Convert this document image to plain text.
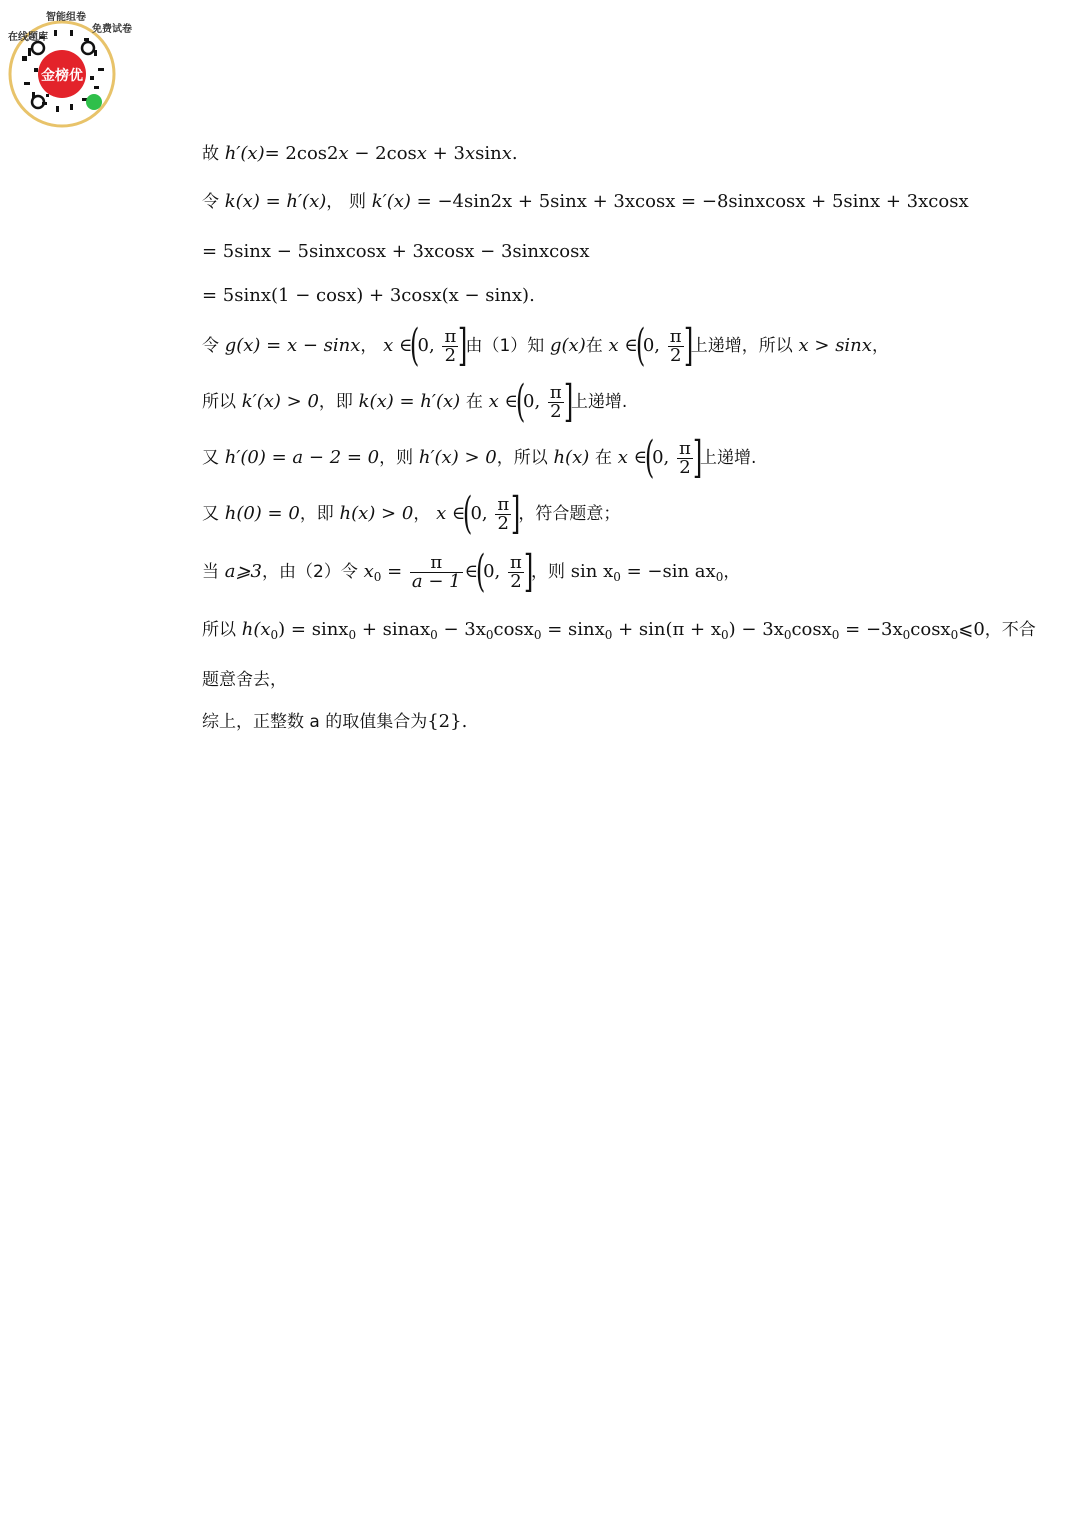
金榜优
在线题库 智能组卷 免费试卷
故 h′(x)= 2cos2x − 2cosx + 3xsinx.
令 k(x) = h′(x)， 则 k′(x) = −4sin2x + 5sinx + 3xcosx = −8sinxcosx + 5sinx + 3xcosx
= 5sinx − 5sinxcosx + 3xcosx − 3sinxcosx
= 5sinx(1 − cosx) + 3cosx(x − sinx).
令 g(x) = x − sinx， x ∈(0, $\frac{\pi}{2}$ ]由（1）知 g(x)在 x ∈(0, $\frac{\pi}{2}$ ]上递增，所以 x > sinx，
所以 k′(x) > 0，即 k(x) = h′(x) 在 x ∈(0, $\frac{\pi}{2}$ ]上递增.
又 h′(0) = a − 2 = 0，则 h′(x) > 0，所以 h(x) 在 x ∈(0, $\frac{\pi}{2}$ ]上递增.
又 h(0) = 0，即 h(x) > 0， x ∈(0, $\frac{\pi}{2}$ ]，符合题意；
当 a⩾3，由（2）令 $x_0 = \frac{\pi}{a - 1}$ ∈(0, $\frac{\pi}{2}$ ]，则 $\sin x_0 = -\sin$ $ax_0$，
所以 $h(x_0) = \sin x_0$ + sinax$_0$ − $3x_0\cos x_0 = \sin x_0 + \sin(\pi + x_0) - 3x_0\cos x_0$ = $-3x_0\cos x_0⩽0$，不合
题意舍去，
综上，正整数 a 的取值集合为{2}.
